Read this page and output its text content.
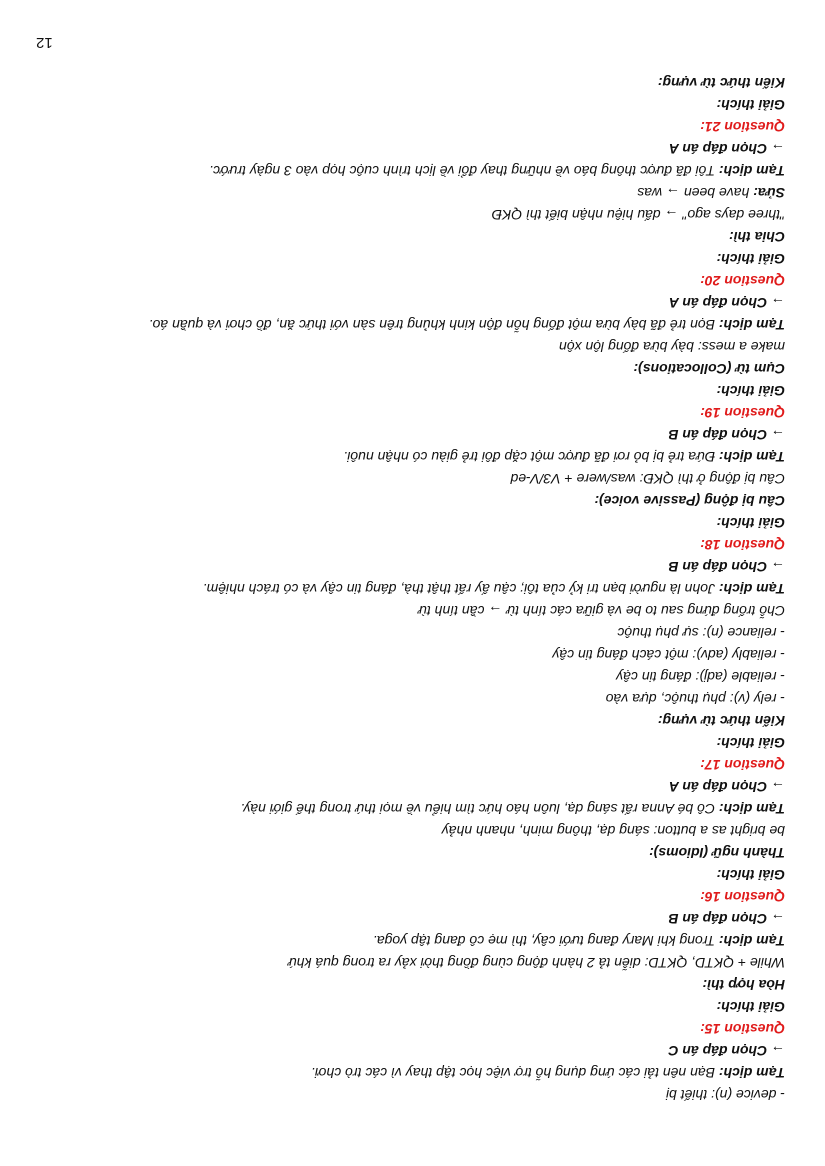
12
- device (n): thiết bị
Tạm dịch: Bạn nên tải các ứng dụng hỗ trợ việc học tập thay vì các trò chơi.
→ Chọn đáp án C
Question 15:
Giải thích:
Hòa hợp thì:
While + QKTD, QKTD: diễn tả 2 hành động cùng đồng thời xảy ra trong quá khứ
Tạm dịch: Trong khi Mary đang tưới cây, thì mẹ cô đang tập yoga.
→ Chọn đáp án B
Question 16:
Giải thích:
Thành ngữ (Idioms):
be bright as a button: sáng dạ, thông minh, nhanh nhảy
Tạm dịch: Cô bé Anna rất sáng dạ, luôn háo hức tìm hiểu về mọi thứ trong thế giới này.
→ Chọn đáp án A
Question 17:
Giải thích:
Kiến thức từ vựng:
- rely (v): phụ thuộc, dựa vào
- reliable (adj): đáng tin cậy
- reliably (adv): một cách đáng tin cậy
- reliance (n): sự phụ thuộc
Chỗ trống đứng sau to be và giữa các tính từ → cần tính từ
Tạm dịch: John là người bạn tri kỷ của tôi; cậu ấy rất thật thà, đáng tin cậy và có trách nhiệm.
→ Chọn đáp án B
Question 18:
Giải thích:
Câu bị động (Passive voice):
Câu bị động ở thì QKĐ: was/were + V3/V-ed
Tạm dịch: Đứa trẻ bị bỏ rơi đã được một cặp đôi trẻ giàu có nhận nuôi.
→ Chọn đáp án B
Question 19:
Giải thích:
Cụm từ (Collocations):
make a mess: bày bừa đống lộn xộn
Tạm dịch: Bọn trẻ đã bày bừa một đống hỗn độn kinh khủng trên sàn với thức ăn, đồ chơi và quần áo.
→ Chọn đáp án A
Question 20:
Giải thích:
Chia thì:
"three days ago" → dấu hiệu nhận biết thì QKĐ
Sửa: have been → was
Tạm dịch: Tôi đã được thông báo về những thay đổi về lịch trình cuộc họp vào 3 ngày trước.
→ Chọn đáp án A
Question 21:
Giải thích:
Kiến thức từ vựng:
